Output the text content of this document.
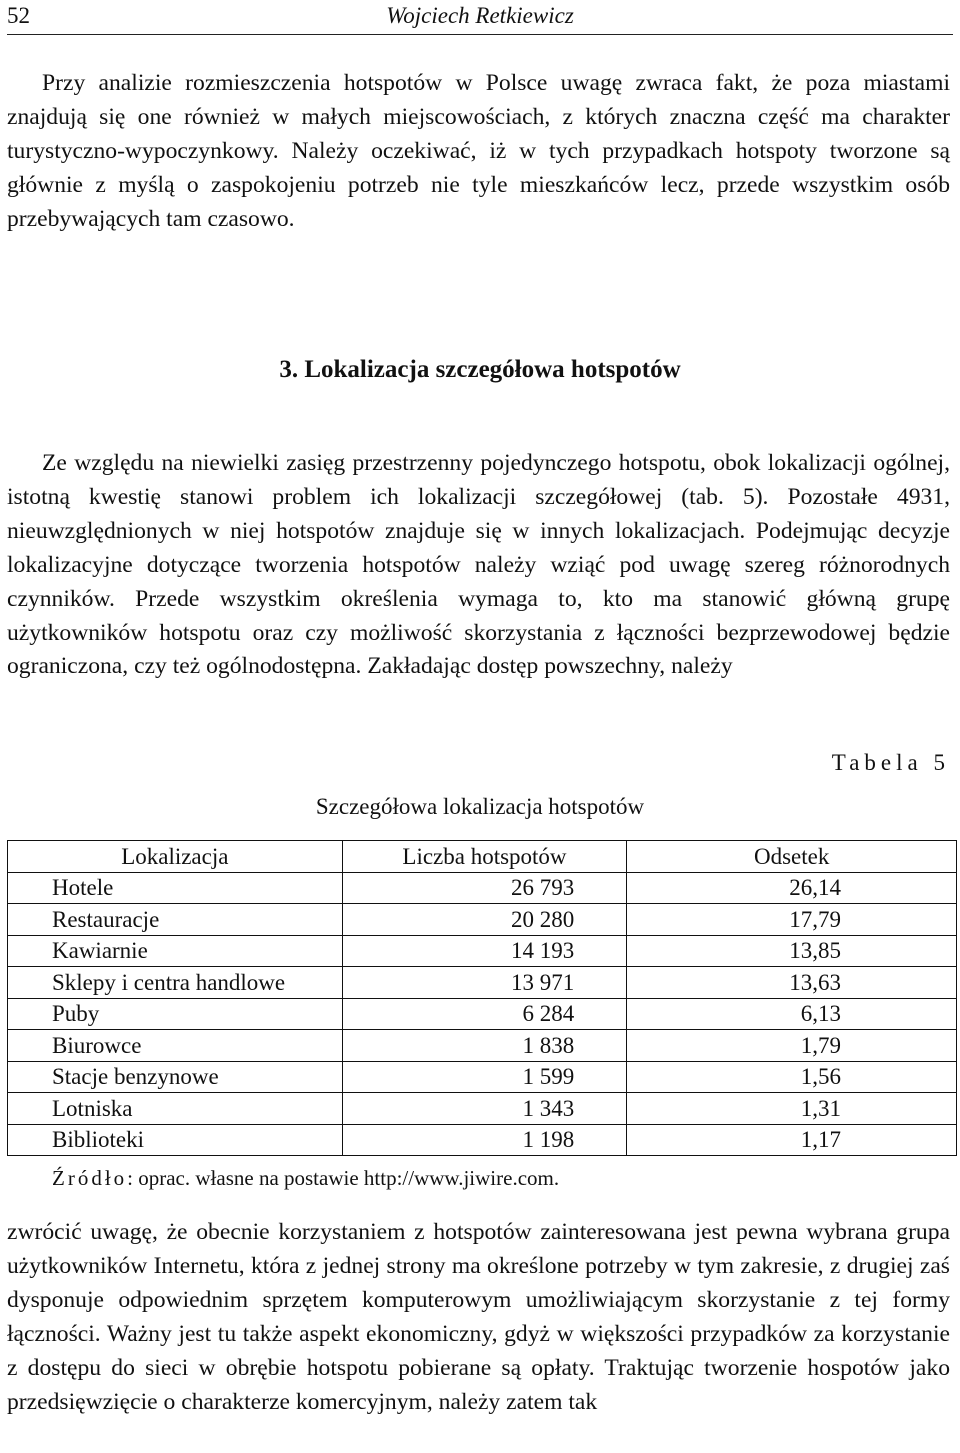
52	Wojciech Retkiewicz

Przy analizie rozmieszczenia hotspotów w Polsce uwagę zwraca fakt, że poza miastami znajdują się one również w małych miejscowościach, z których znaczna część ma charakter turystyczno-wypoczynkowy. Należy oczekiwać, iż w tych przypadkach hotspoty tworzone są głównie z myślą o zaspokojeniu potrzeb nie tyle mieszkańców lecz, przede wszystkim osób przebywających tam czasowo.

3. Lokalizacja szczegółowa hotspotów

Ze względu na niewielki zasięg przestrzenny pojedynczego hotspotu, obok lokalizacji ogólnej, istotną kwestię stanowi problem ich lokalizacji szczegółowej (tab. 5). Pozostałe 4931, nieuwzględnionych w niej hotspotów znajduje się w innych lokalizacjach. Podejmując decyzje lokalizacyjne dotyczące tworzenia hotspotów należy wziąć pod uwagę szereg różnorodnych czynników. Przede wszystkim określenia wymaga to, kto ma stanowić główną grupę użytkowników hotspotu oraz czy możliwość skorzystania z łączności bezprzewodowej będzie ograniczona, czy też ogólnodostępna. Zakładając dostęp powszechny, należy

Tabela 5
Szczegółowa lokalizacja hotspotów
Lokalizacja	Liczba hotspotów	Odsetek
Hotele	26 793	26,14
Restauracje	20 280	17,79
Kawiarnie	14 193	13,85
Sklepy i centra handlowe	13 971	13,63
Puby	6 284	6,13
Biurowce	1 838	1,79
Stacje benzynowe	1 599	1,56
Lotniska	1 343	1,31
Biblioteki	1 198	1,17
Źródło: oprac. własne na postawie http://www.jiwire.com.

zwrócić uwagę, że obecnie korzystaniem z hotspotów zainteresowana jest pewna wybrana grupa użytkowników Internetu, która z jednej strony ma określone potrzeby w tym zakresie, z drugiej zaś dysponuje odpowiednim sprzętem komputerowym umożliwiającym skorzystanie z tej formy łączności. Ważny jest tu także aspekt ekonomiczny, gdyż w większości przypadków za korzystanie z dostępu do sieci w obrębie hotspotu pobierane są opłaty. Traktując tworzenie hospotów jako przedsięwzięcie o charakterze komercyjnym, należy zatem tak
